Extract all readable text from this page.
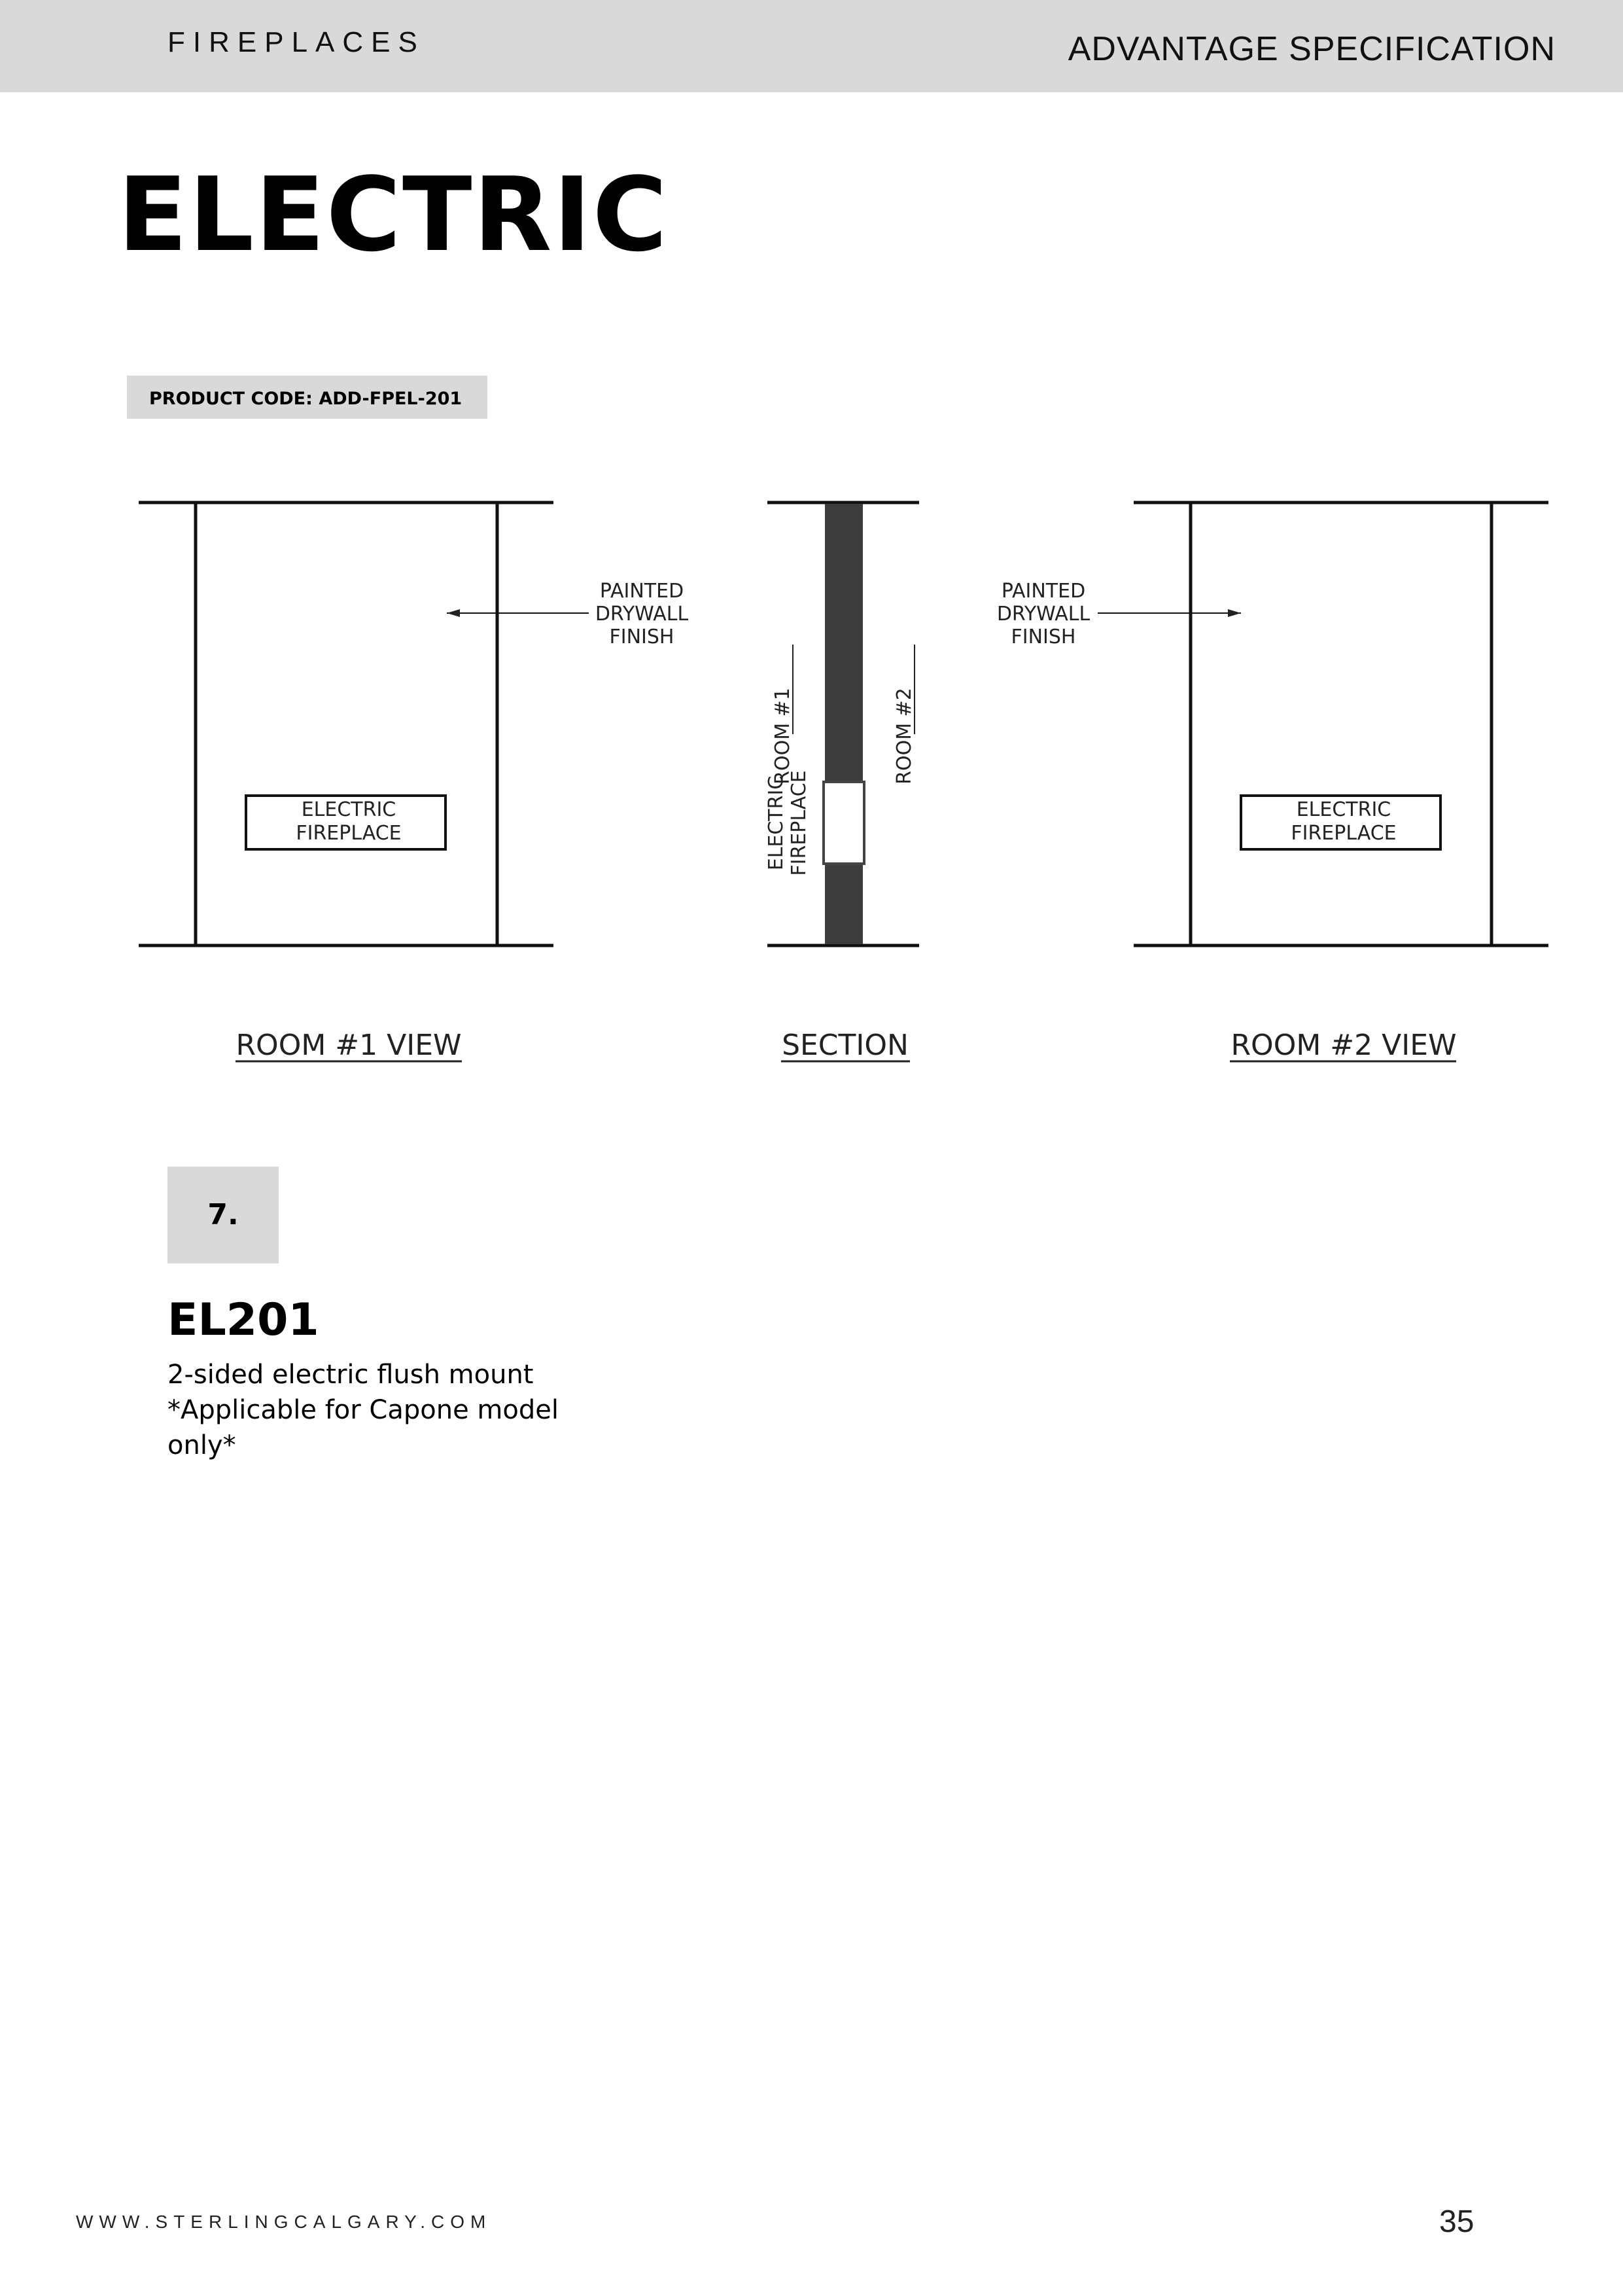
FIREPLACES	ADVANTAGE SPECIFICATION
ELECTRIC
PRODUCT CODE: ADD-FPEL-201
PAINTED
DRYWALL
FINISH
ELECTRIC
FIREPLACE
ROOM #1	ROOM #2
ELECTRIC FIREPLACE
PAINTED
DRYWALL
FINISH
ELECTRIC
FIREPLACE
ROOM #1 VIEW	SECTION	ROOM #2 VIEW
7.
EL201
2-sided electric flush mount
*Applicable for Capone model
only*
WWW.STERLINGCALGARY.COM	35
